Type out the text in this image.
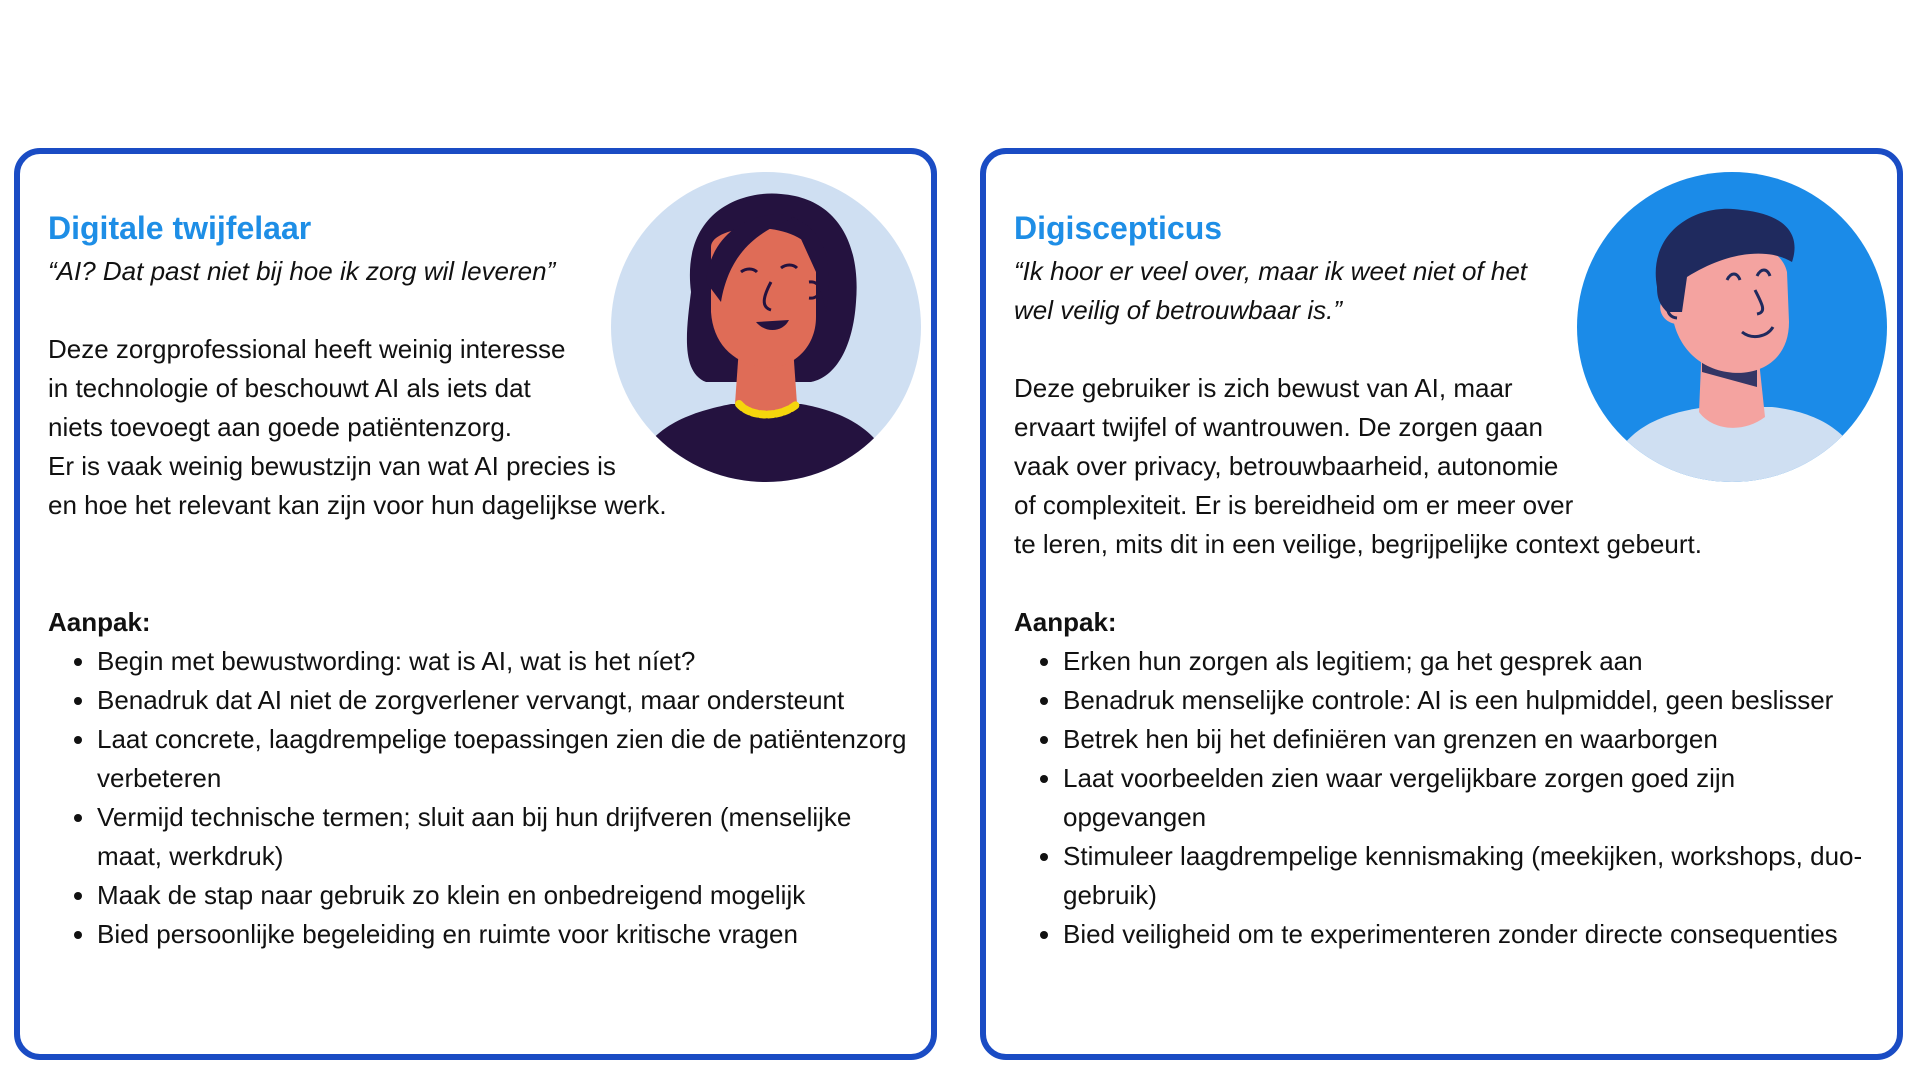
Digitale twijfelaar

“AI? Dat past niet bij hoe ik zorg wil leveren”

Deze zorgprofessional heeft weinig interesse
in technologie of beschouwt AI als iets dat
niets toevoegt aan goede patiëntenzorg.
Er is vaak weinig bewustzijn van wat AI precies is
en hoe het relevant kan zijn voor hun dagelijkse werk.

Aanpak:

• Begin met bewustwording: wat is AI, wat is het níet?
• Benadruk dat AI niet de zorgverlener vervangt, maar ondersteunt
• Laat concrete, laagdrempelige toepassingen zien die de patiëntenzorg verbeteren
• Vermijd technische termen; sluit aan bij hun drijfveren (menselijke maat, werkdruk)
• Maak de stap naar gebruik zo klein en onbedreigend mogelijk
• Bied persoonlijke begeleiding en ruimte voor kritische vragen
Digiscepticus

“Ik hoor er veel over, maar ik weet niet of het
wel veilig of betrouwbaar is.”

Deze gebruiker is zich bewust van AI, maar
ervaart twijfel of wantrouwen. De zorgen gaan
vaak over privacy, betrouwbaarheid, autonomie
of complexiteit. Er is bereidheid om er meer over
te leren, mits dit in een veilige, begrijpelijke context gebeurt.

Aanpak:

• Erken hun zorgen als legitiem; ga het gesprek aan
• Benadruk menselijke controle: AI is een hulpmiddel, geen beslisser
• Betrek hen bij het definiëren van grenzen en waarborgen
• Laat voorbeelden zien waar vergelijkbare zorgen goed zijn opgevangen
• Stimuleer laagdrempelige kennismaking (meekijken, workshops, duo-gebruik)
• Bied veiligheid om te experimenteren zonder directe consequenties
